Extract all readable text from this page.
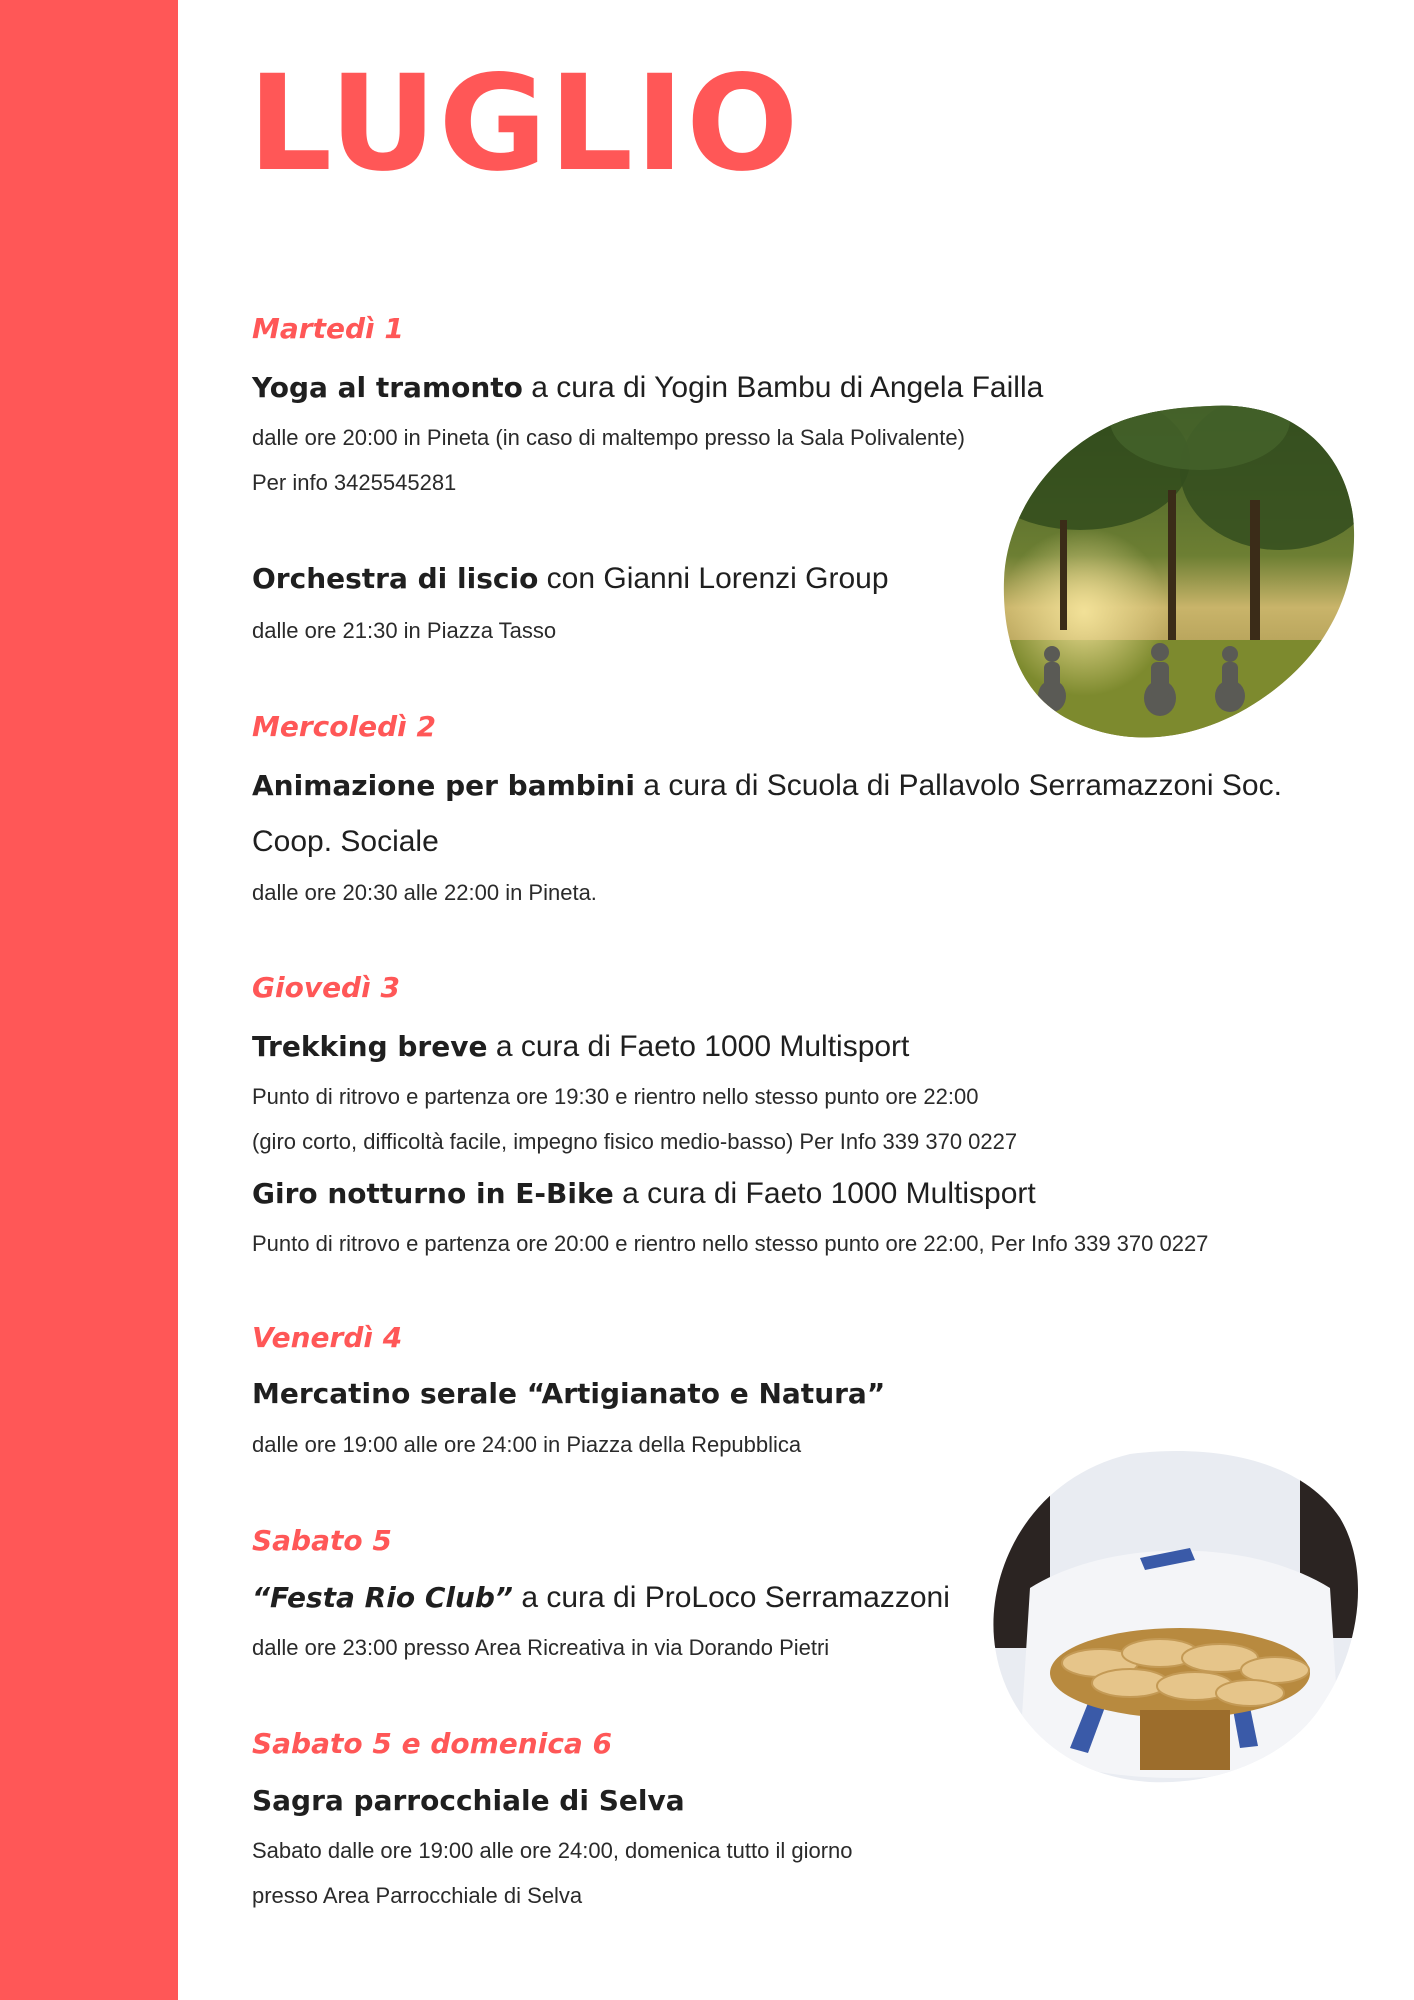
LUGLIO

Martedì 1

Yoga al tramonto a cura di Yogin Bambu di Angela Failla

dalle ore 20:00 in Pineta (in caso di maltempo presso la Sala Polivalente)

Per info 3425545281

Orchestra di liscio con Gianni Lorenzi Group

dalle ore 21:30 in Piazza Tasso

Mercoledì 2

Animazione per bambini a cura di Scuola di Pallavolo Serramazzoni Soc. Coop. Sociale

dalle ore 20:30 alle 22:00 in Pineta.

Giovedì 3

Trekking breve a cura di Faeto 1000 Multisport

Punto di ritrovo e partenza ore 19:30 e rientro nello stesso punto ore 22:00

(giro corto, difficoltà facile, impegno fisico medio-basso) Per Info 339 370 0227

Giro notturno in E-Bike a cura di Faeto 1000 Multisport

Punto di ritrovo e partenza ore 20:00 e rientro nello stesso punto ore 22:00, Per Info 339 370 0227

Venerdì 4

Mercatino serale “Artigianato e Natura”

dalle ore 19:00 alle ore 24:00 in Piazza della Repubblica

Sabato 5

“Festa Rio Club” a cura di ProLoco Serramazzoni

dalle ore 23:00 presso Area Ricreativa in via Dorando Pietri

Sabato 5 e domenica 6

Sagra parrocchiale di Selva

Sabato dalle ore 19:00 alle ore 24:00, domenica tutto il giorno

presso Area Parrocchiale di Selva
